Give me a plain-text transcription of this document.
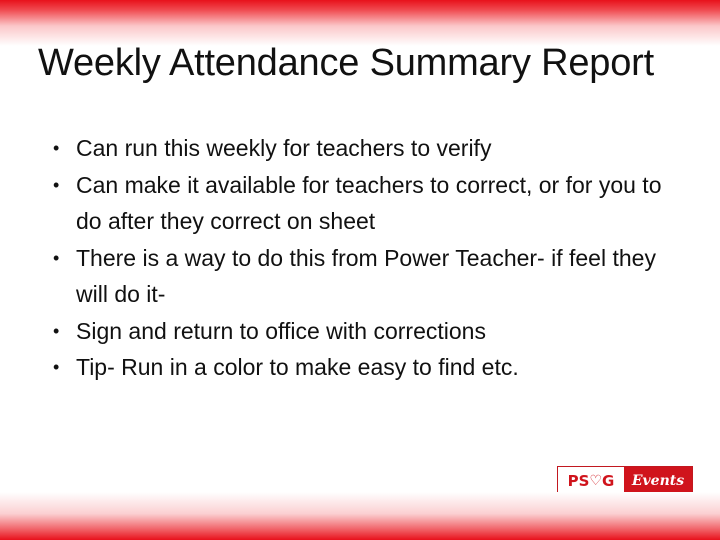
Weekly Attendance Summary Report
• Can run this weekly for teachers to verify
• Can make it available for teachers to correct, or for you to do after they correct on sheet
• There is a way to do this from Power Teacher- if feel they will do it-
• Sign and return to office with corrections
• Tip- Run in a color to make easy to find etc.
PS ♡ G	Events
